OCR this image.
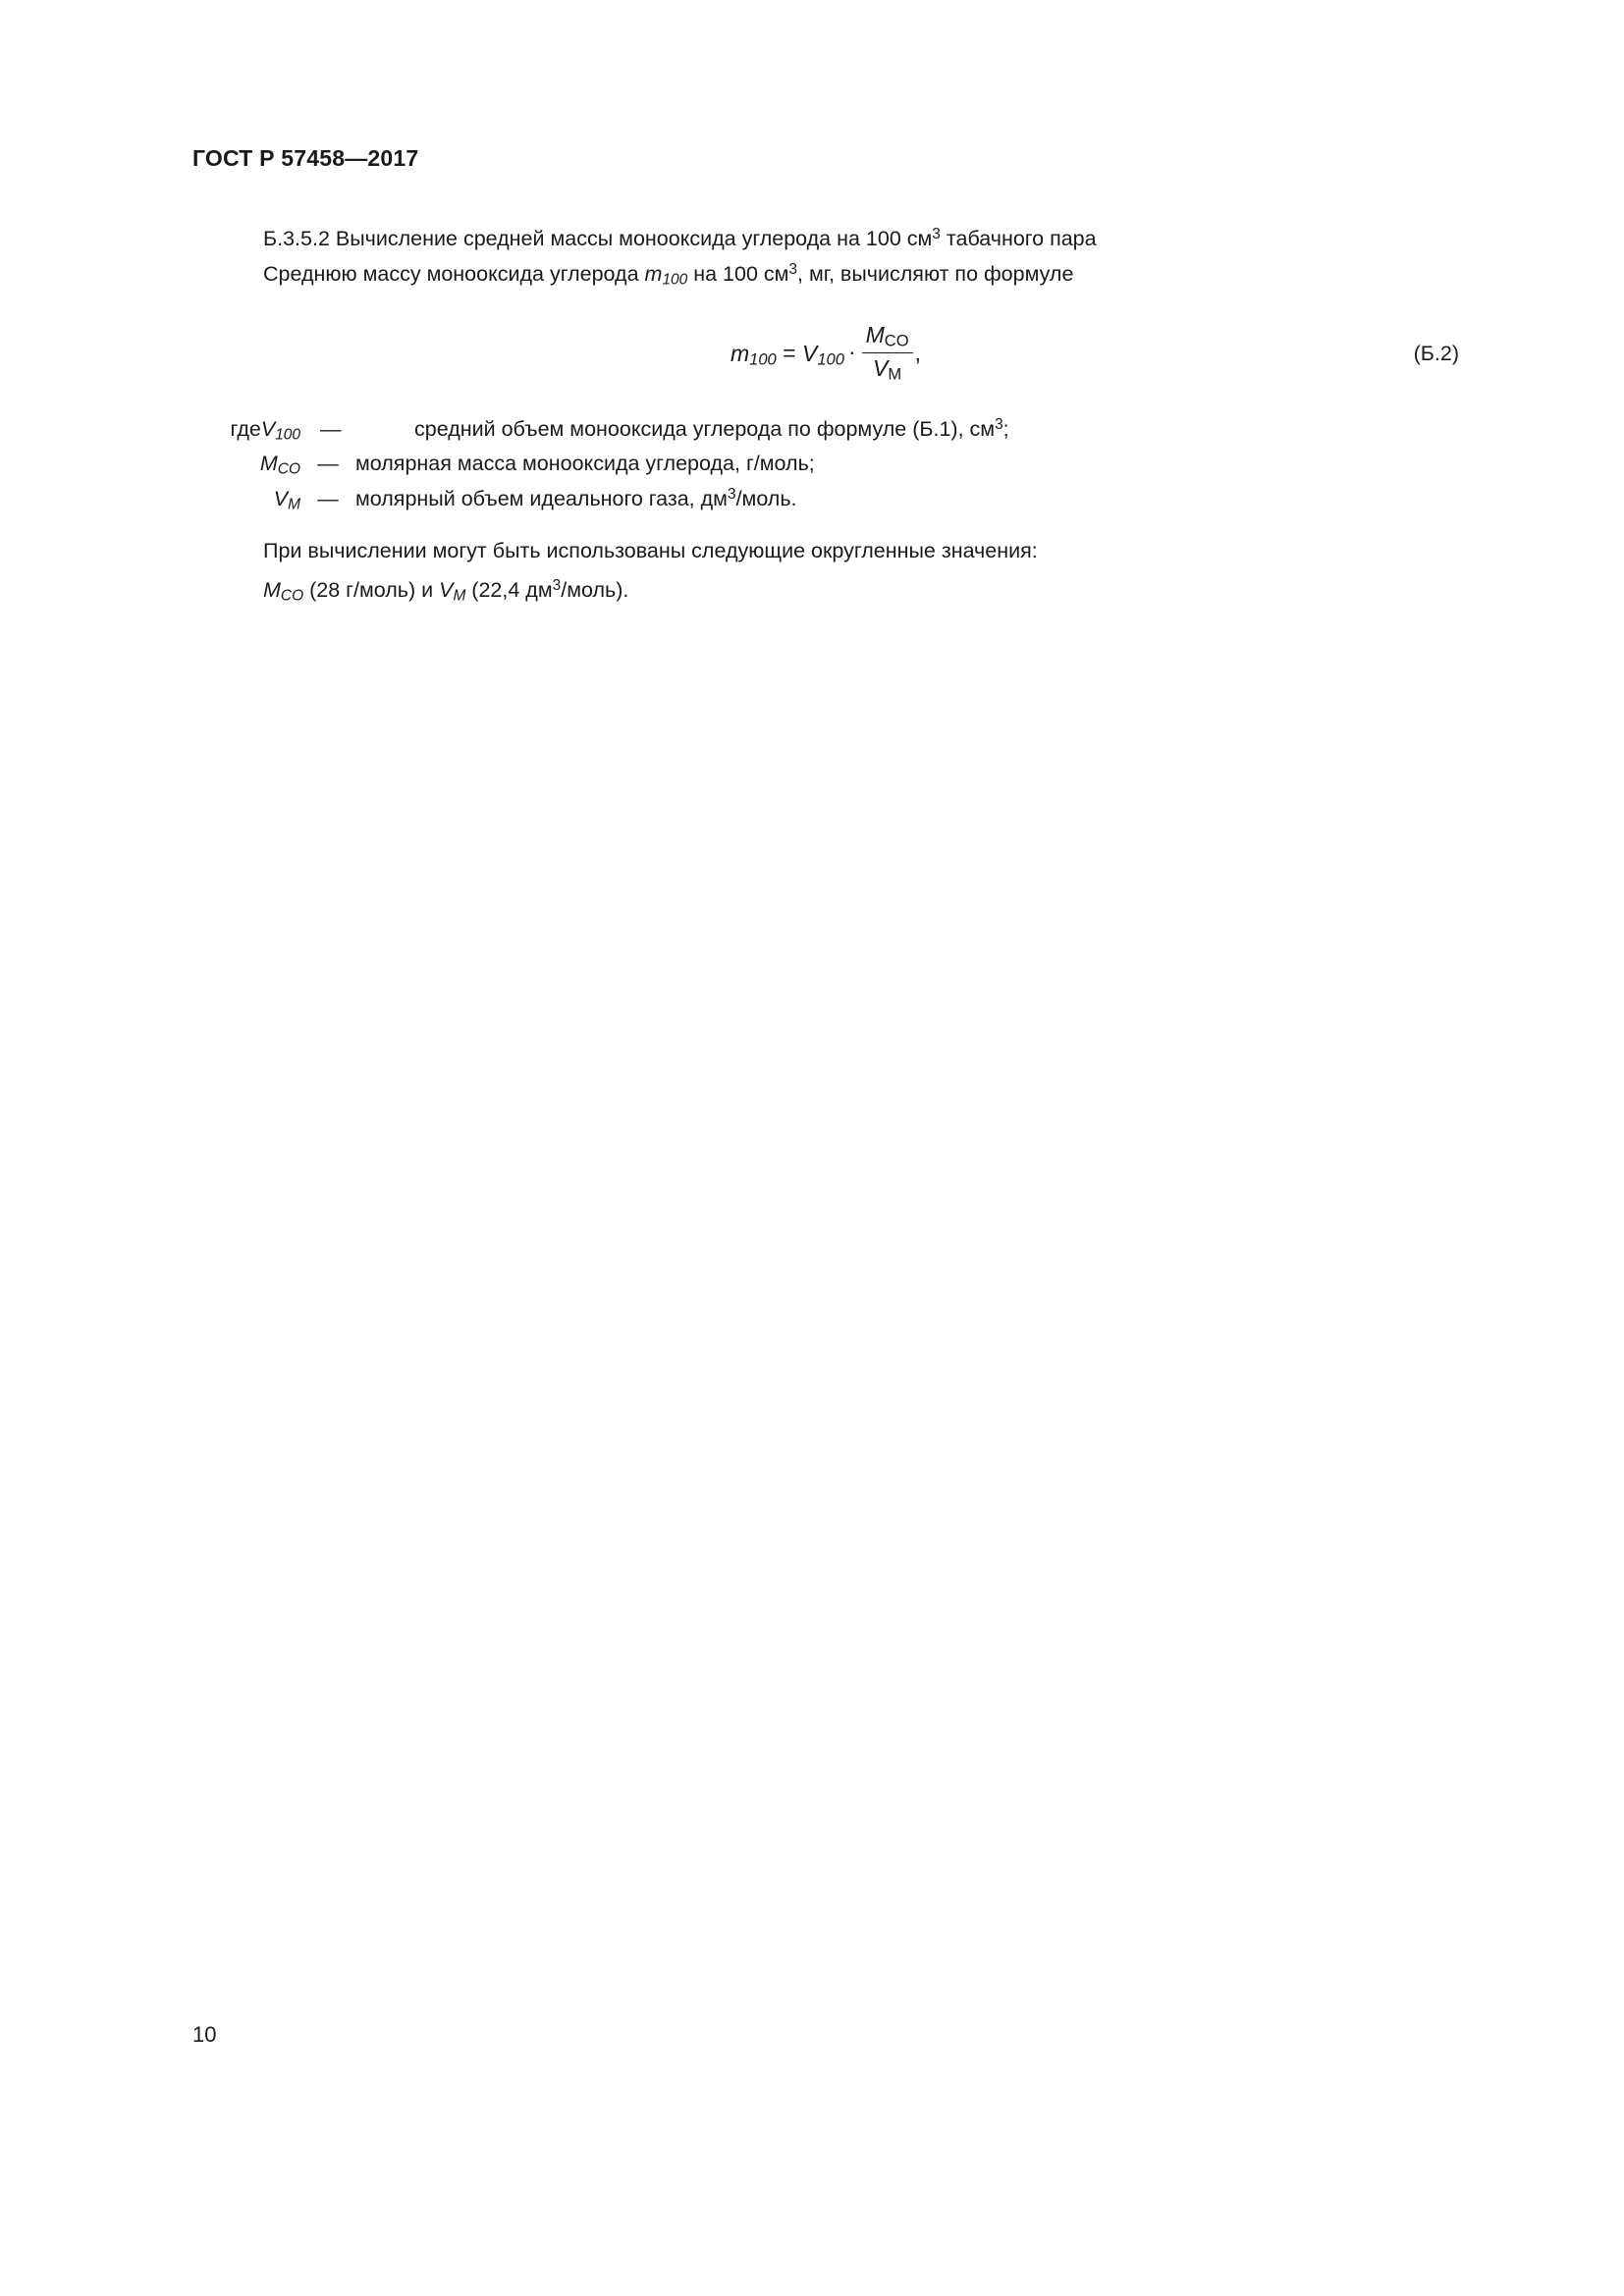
ГОСТ Р 57458—2017
Б.3.5.2 Вычисление средней массы монооксида углерода на 100 $см^3$ табачного пара
Среднюю массу монооксида углерода $m_{100}$ на 100 $см^3$, мг, вычисляют по формуле
$m_{100} = V_{100} \cdot \frac{M_{CO}}{V_M}$ ,	(Б.2)
гдеV$_{100}$ —	средний объем монооксида углерода по формуле (Б.1), $см^3$;
$M_{CO}$ — молярная масса монооксида углерода, г/моль;
$V_M$ — молярный объем идеального газа, $дм^3$/моль.
При вычислении могут быть использованы следующие округленные значения:
$M_{CO}$ (28 г/моль) и $V_M$ (22,4 $дм^3/моль$).
10
